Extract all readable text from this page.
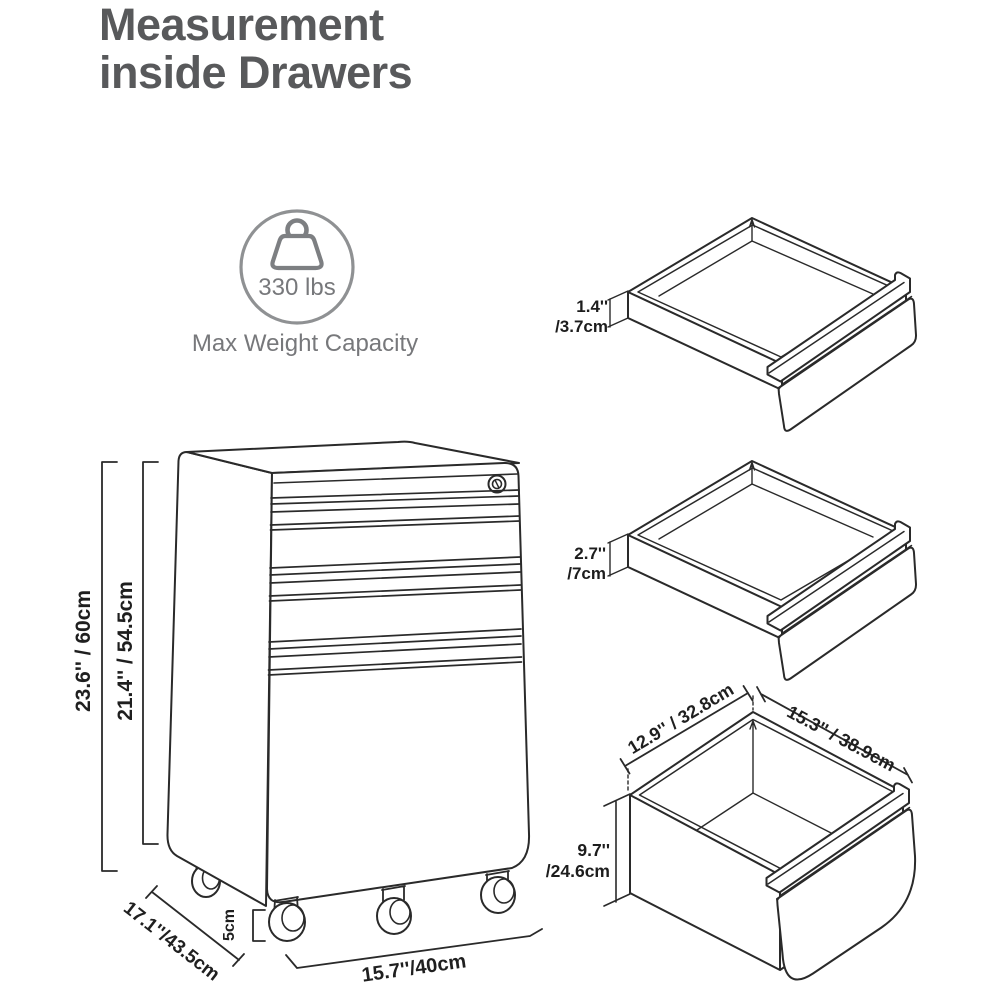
Measurement
inside Drawers
330 lbs
Max Weight Capacity
23.6'' / 60cm 21.4'' / 54.5cm
17.1''/43.5cm
5cm
15.7''/40cm
1.4''
/3.7cm
2.7''
/7cm
9.7''
/24.6cm
12.9'' / 32.8cm	15.3'' / 38.9cm
